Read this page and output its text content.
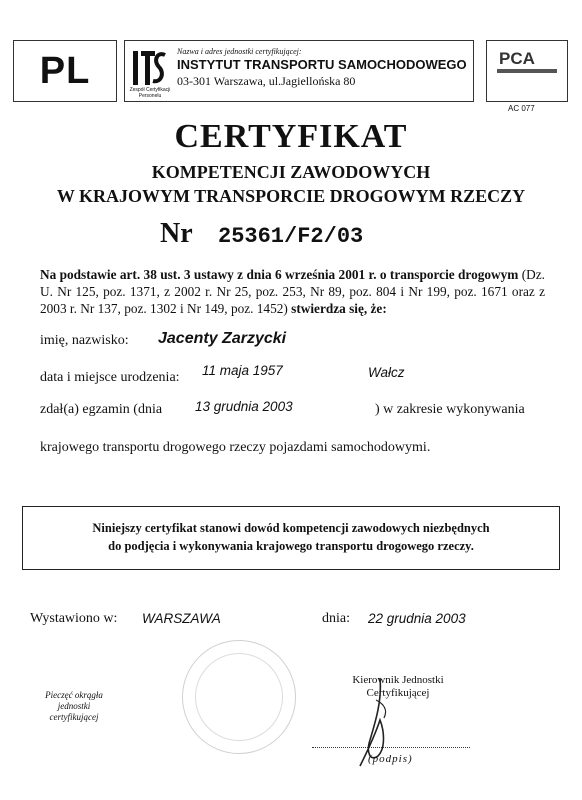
PL	Zespół Certyfikacji Personelu
Nazwa i adres jednostki certyfikującej:
INSTYTUT TRANSPORTU SAMOCHODOWEGO
03-301 Warszawa, ul.Jagiellońska 80
PCA
AC 077
CERTYFIKAT
KOMPETENCJI ZAWODOWYCH
W KRAJOWYM TRANSPORCIE DROGOWYM RZECZY
Nr 25361/F2/03
Na podstawie art. 38 ust. 3 ustawy z dnia 6 września 2001 r. o transporcie drogowym (Dz. U. Nr 125, poz. 1371, z 2002 r. Nr 25, poz. 253, Nr 89, poz. 804 i Nr 199, poz. 1671 oraz z 2003 r. Nr 137, poz. 1302 i Nr 149, poz. 1452) stwierdza się, że:
imię, nazwisko: Jacenty Zarzycki
data i miejsce urodzenia: 11 maja 1957	Wałcz
zdał(a) egzamin (dnia 13 grudnia 2003	) w zakresie wykonywania
krajowego transportu drogowego rzeczy pojazdami samochodowymi.
Niniejszy certyfikat stanowi dowód kompetencji zawodowych niezbędnych
do podjęcia i wykonywania krajowego transportu drogowego rzeczy.
Wystawiono w: WARSZAWA	dnia: 22 grudnia 2003
Pieczęć okrągła
jednostki
certyfikującej
Kierownik Jednostki
Certyfikującej
(podpis)
